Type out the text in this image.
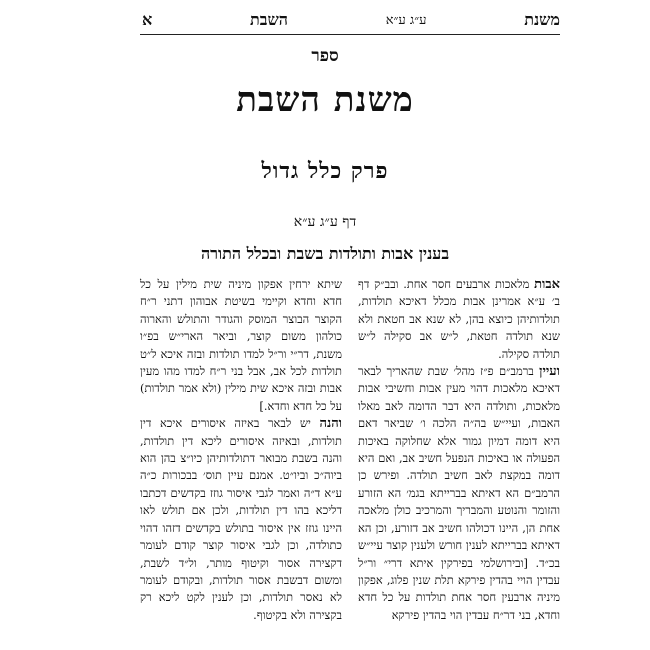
משנת
ע״ג ע״א
השבת
א
ספר
משנת השבת
פרק כלל גדול
דף ע״ג ע״א
בענין אבות ותולדות בשבת ובכלל התורה

אבות מלאכות ארבעים חסר אחת. ובב״ק דף ב׳ ע״א אמרינן אבות מכלל דאיכא תולדות, תולדותיהן כיוצא בהן, לא שנא אב חטאת ולא שנא תולדה חטאת, ל״ש אב סקילה ל״ש תולדה סקילה.

ועיין ברמב״ם פ״ז מהל׳ שבת שהאריך לבאר דאיכא מלאכות דהוי מעין אבות וחשיבי אבות מלאכות, ותולדה היא דבר הדומה לאב מאלו האבות, ועיי״ש בה״ה הלכה ו׳ שביאר דאם היא דומה דמיון גמור אלא שחלוקה באיכות הפעולה או באיכות הנפעל חשיב אב, ואם היא דומה במקצת לאב חשיב תולדה. ופירש כן הרמב״ם הא דאיתא בברייתא בגמ׳ הא הזורע והזומר והנוטע והמבריך והמרכיב כולן מלאכה אחת הן, היינו דכולהו חשיב אב דזורע, וכן הא דאיתא בברייתא לענין חורש ולענין קוצר עיי״ש בכ״ד. [ובירושלמי בפירקין איתא דרי״ ור״ל עבדין הויי בהדין פירקא תלת שנין פלוג, אפקון מיניה ארבעין חסר אחת תולדות על כל חדא וחדא, בני דר״ח עבדין הוי בהדין פירקא

שיתא ירחין אפקון מיניה שית מילין על כל חדא וחדא וקיימי בשיטת אבוהון דתני ר״ח הקוצר הבוצר המוסק והגודר והתולש והארוה כולהון משום קוצר, וביאר הארי״ש בפ״ו משנת, דר״י ור״ל למדו תולדות ובזה איכא ל״ט תולדות לכל אב, אבל בני ר״ח למדו מהו מעין אבות ובזה איכא שית מילין (ולא אמר תולדות) על כל חדא וחדא.]

והנה יש לבאר באיזה איסורים איכא דין תולדות, ובאיזה איסורים ליכא דין תולדות, והנה בשבת מבואר דתולדותיהן כיו״צ בהן הוא ביוה״כ וביו״ט. אמנם עיין תוס׳ בבכורות כ״ה ע״א ד״ה ואמר לגבי איסור גוזז בקדשים דכתבו דליכא בהו דין תולדות, ולכן אם תולש לאו היינו גוזז אין איסור בתולש בקדשים דזהו דהוי כתולדה, וכן לגבי איסור קוצר קודם לעומר דקצירה אסור וקיטוף מותר, ול״ד לשבת, ומשום דבשבת אסור תולדות, ובקודם לעומר לא נאסר תולדות, וכן לענין לקט ליכא רק בקצירה ולא בקיטוף.
